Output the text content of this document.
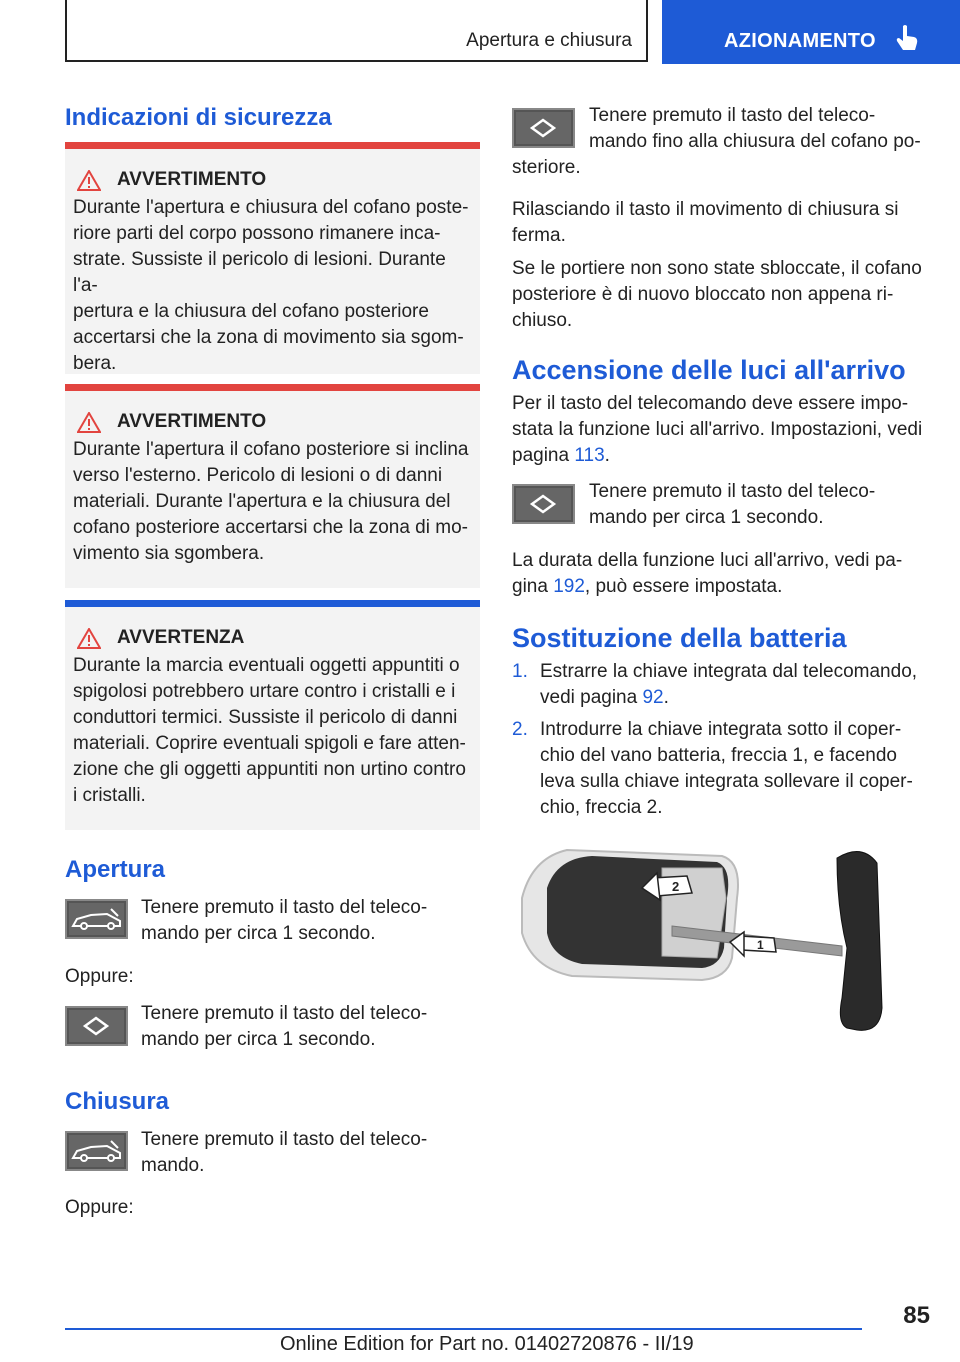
Apertura e chiusura	AZIONAMENTO
Indicazioni di sicurezza
AVVERTIMENTO
Durante l'apertura e chiusura del cofano poste-
riore parti del corpo possono rimanere inca-
strate. Sussiste il pericolo di lesioni. Durante l'a-
pertura e la chiusura del cofano posteriore
accertarsi che la zona di movimento sia sgom-
bera.
AVVERTIMENTO
Durante l'apertura il cofano posteriore si inclina
verso l'esterno. Pericolo di lesioni o di danni
materiali. Durante l'apertura e la chiusura del
cofano posteriore accertarsi che la zona di mo-
vimento sia sgombera.
AVVERTENZA
Durante la marcia eventuali oggetti appuntiti o
spigolosi potrebbero urtare contro i cristalli e i
conduttori termici. Sussiste il pericolo di danni
materiali. Coprire eventuali spigoli e fare atten-
zione che gli oggetti appuntiti non urtino contro
i cristalli.
Apertura
Tenere premuto il tasto del teleco-
mando per circa 1 secondo.
Oppure:
Tenere premuto il tasto del teleco-
mando per circa 1 secondo.
Chiusura
Tenere premuto il tasto del teleco-
mando.
Oppure:
Tenere premuto il tasto del teleco-
mando fino alla chiusura del cofano po-
steriore.
Rilasciando il tasto il movimento di chiusura si
ferma.
Se le portiere non sono state sbloccate, il cofano
posteriore è di nuovo bloccato non appena ri-
chiuso.
Accensione delle luci all'arrivo
Per il tasto del telecomando deve essere impo-
stata la funzione luci all'arrivo. Impostazioni, vedi
pagina 113.
Tenere premuto il tasto del teleco-
mando per circa 1 secondo.
La durata della funzione luci all'arrivo, vedi pa-
gina 192, può essere impostata.
Sostituzione della batteria
1. Estrarre la chiave integrata dal telecomando,
vedi pagina 92.
2. Introdurre la chiave integrata sotto il coper-
chio del vano batteria, freccia 1, e facendo
leva sulla chiave integrata sollevare il coper-
chio, freccia 2.
2
1
85
Online Edition for Part no. 01402720876 - II/19
